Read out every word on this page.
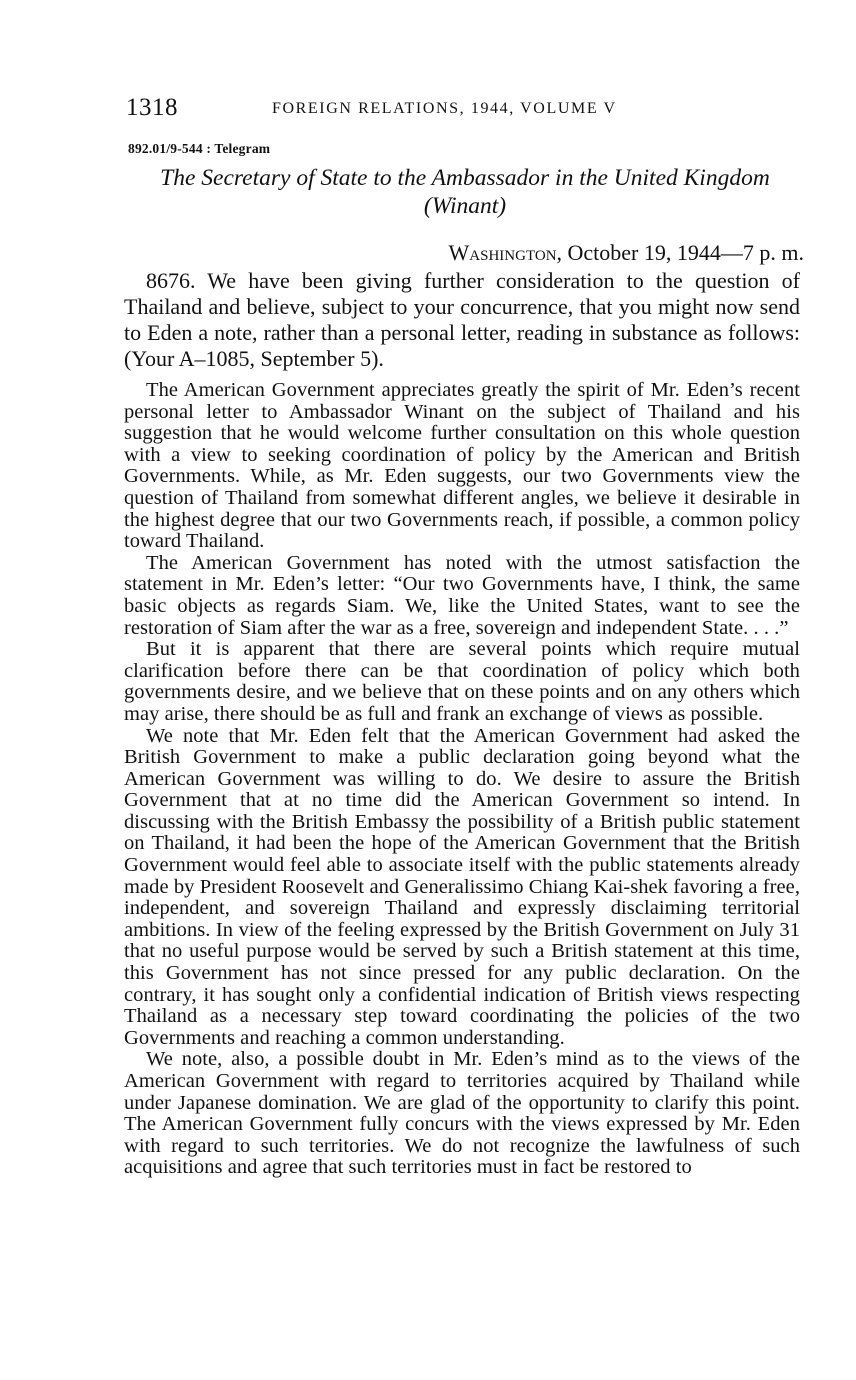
1318	FOREIGN RELATIONS, 1944, VOLUME V
892.01/9-544 : Telegram
The Secretary of State to the Ambassador in the United Kingdom
(Winant)
Washington, October 19, 1944—7 p. m.

8676. We have been giving further consideration to the question of Thailand and believe, subject to your concurrence, that you might now send to Eden a note, rather than a personal letter, reading in substance as follows: (Your A–1085, September 5).

The American Government appreciates greatly the spirit of Mr. Eden’s recent personal letter to Ambassador Winant on the subject of Thailand and his suggestion that he would welcome further consultation on this whole question with a view to seeking coordination of policy by the American and British Governments. While, as Mr. Eden suggests, our two Governments view the question of Thailand from somewhat different angles, we believe it desirable in the highest degree that our two Governments reach, if possible, a common policy toward Thailand.

The American Government has noted with the utmost satisfaction the statement in Mr. Eden’s letter: “Our two Governments have, I think, the same basic objects as regards Siam. We, like the United States, want to see the restoration of Siam after the war as a free, sovereign and independent State. . . .”

But it is apparent that there are several points which require mutual clarification before there can be that coordination of policy which both governments desire, and we believe that on these points and on any others which may arise, there should be as full and frank an exchange of views as possible.

We note that Mr. Eden felt that the American Government had asked the British Government to make a public declaration going beyond what the American Government was willing to do. We desire to assure the British Government that at no time did the American Government so intend. In discussing with the British Embassy the possibility of a British public statement on Thailand, it had been the hope of the American Government that the British Government would feel able to associate itself with the public statements already made by President Roosevelt and Generalissimo Chiang Kai-shek favoring a free, independent, and sovereign Thailand and expressly disclaiming territorial ambitions. In view of the feeling expressed by the British Government on July 31 that no useful purpose would be served by such a British statement at this time, this Government has not since pressed for any public declaration. On the contrary, it has sought only a confidential indication of British views respecting Thailand as a necessary step toward coordinating the policies of the two Governments and reaching a common understanding.

We note, also, a possible doubt in Mr. Eden’s mind as to the views of the American Government with regard to territories acquired by Thailand while under Japanese domination. We are glad of the opportunity to clarify this point. The American Government fully concurs with the views expressed by Mr. Eden with regard to such territories. We do not recognize the lawfulness of such acquisitions and agree that such territories must in fact be restored to
